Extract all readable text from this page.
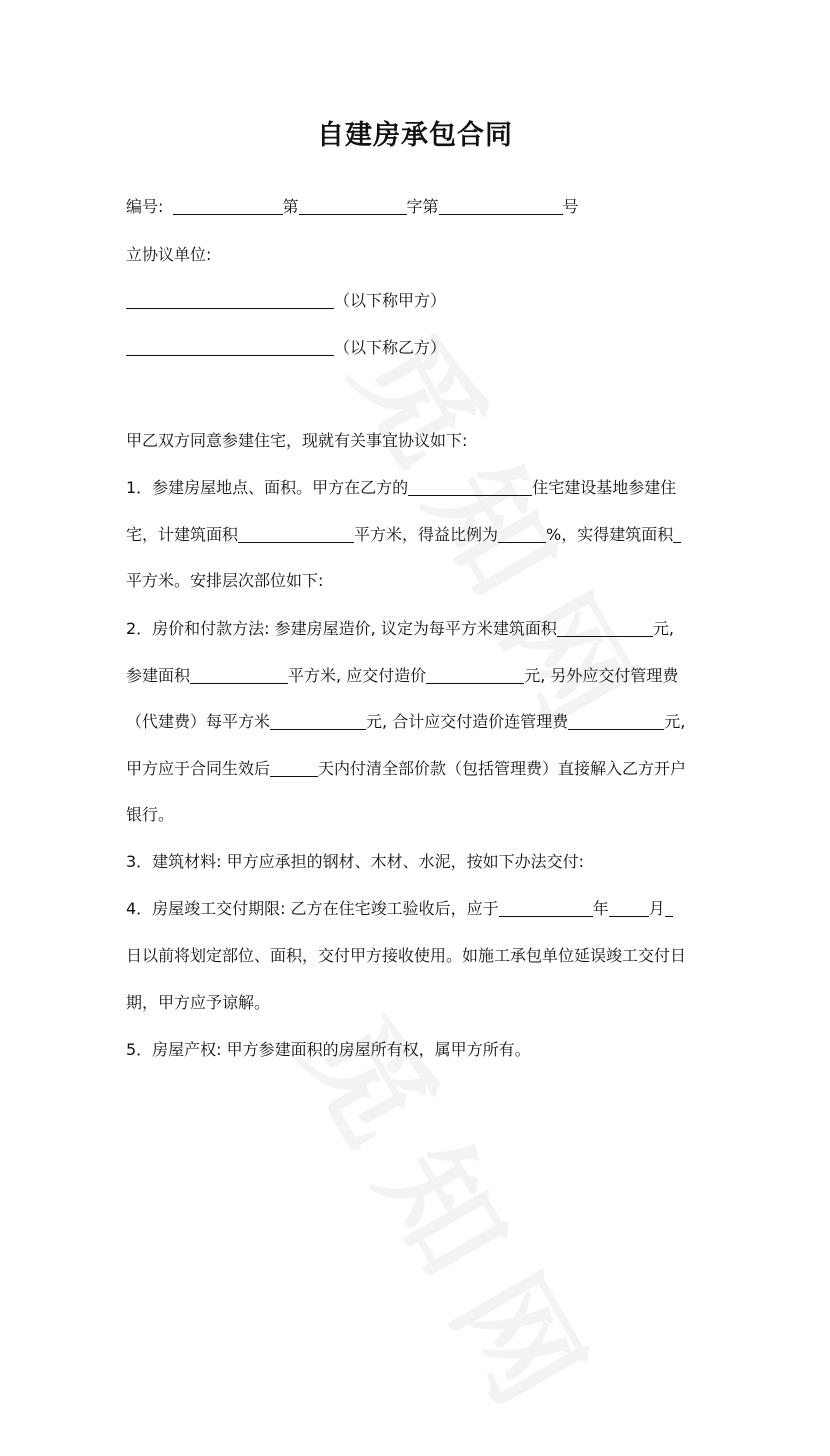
自建房承包合同
编号:	第	字第	号
立协议单位:
（以下称甲方）
（以下称乙方）
甲乙双方同意参建住宅，现就有关事宜协议如下:
1．参建房屋地点、面积。甲方在乙方的	住宅建设基地参建住
宅，计建筑面积	平方米，得益比例为	%，实得建筑面积
平方米。安排层次部位如下:
2．房价和付款方法: 参建房屋造价, 议定为每平方米建筑面积	元,
参建面积	平方米, 应交付造价	元, 另外应交付管理费
（代建费）每平方米	元, 合计应交付造价连管理费	元,
甲方应于合同生效后	天内付清全部价款（包括管理费）直接解入乙方开户
银行。
3．建筑材料: 甲方应承担的钢材、木材、水泥，按如下办法交付:
4．房屋竣工交付期限: 乙方在住宅竣工验收后，应于	年	月
日以前将划定部位、面积，交付甲方接收使用。如施工承包单位延误竣工交付日
期，甲方应予谅解。
5．房屋产权: 甲方参建面积的房屋所有权，属甲方所有。
